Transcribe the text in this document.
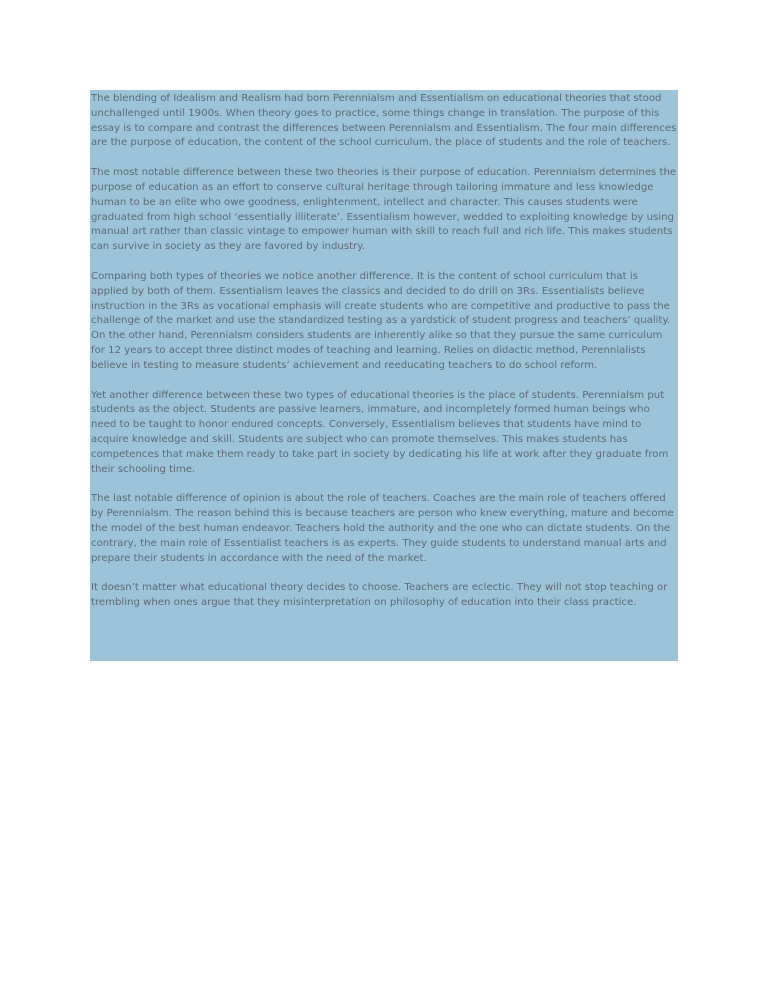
The blending of Idealism and Realism had born Perennialsm and Essentialism on educational theories that stood unchallenged until 1900s. When theory goes to practice, some things change in translation. The purpose of this essay is to compare and contrast the differences between Perennialsm and Essentialism. The four main differences are the purpose of education, the content of the school curriculum, the place of students and the role of teachers.

The most notable difference between these two theories is their purpose of education. Perennialsm determines the purpose of education as an effort to conserve cultural heritage through tailoring immature and less knowledge human to be an elite who owe goodness, enlightenment, intellect and character. This causes students were graduated from high school ‘essentially illiterate’. Essentialism however, wedded to exploiting knowledge by using manual art rather than classic vintage to empower human with skill to reach full and rich life. This makes students can survive in society as they are favored by industry.

Comparing both types of theories we notice another difference. It is the content of school curriculum that is applied by both of them. Essentialism leaves the classics and decided to do drill on 3Rs. Essentialists believe instruction in the 3Rs as vocational emphasis will create students who are competitive and productive to pass the challenge of the market and use the standardized testing as a yardstick of student progress and teachers’ quality. On the other hand, Perennialsm considers students are inherently alike so that they pursue the same curriculum for 12 years to accept three distinct modes of teaching and learning. Relies on didactic method, Perennialists believe in testing to measure students’ achievement and reeducating teachers to do school reform.

Yet another difference between these two types of educational theories is the place of students. Perennialsm put students as the object. Students are passive learners, immature, and incompletely formed human beings who need to be taught to honor endured concepts. Conversely, Essentialism believes that students have mind to acquire knowledge and skill. Students are subject who can promote themselves. This makes students has competences that make them ready to take part in society by dedicating his life at work after they graduate from their schooling time.

The last notable difference of opinion is about the role of teachers. Coaches are the main role of teachers offered by Perennialsm. The reason behind this is because teachers are person who knew everything, mature and become the model of the best human endeavor. Teachers hold the authority and the one who can dictate students. On the contrary, the main role of Essentialist teachers is as experts. They guide students to understand manual arts and prepare their students in accordance with the need of the market.

It doesn’t matter what educational theory decides to choose. Teachers are eclectic. They will not stop teaching or trembling when ones argue that they misinterpretation on philosophy of education into their class practice.
